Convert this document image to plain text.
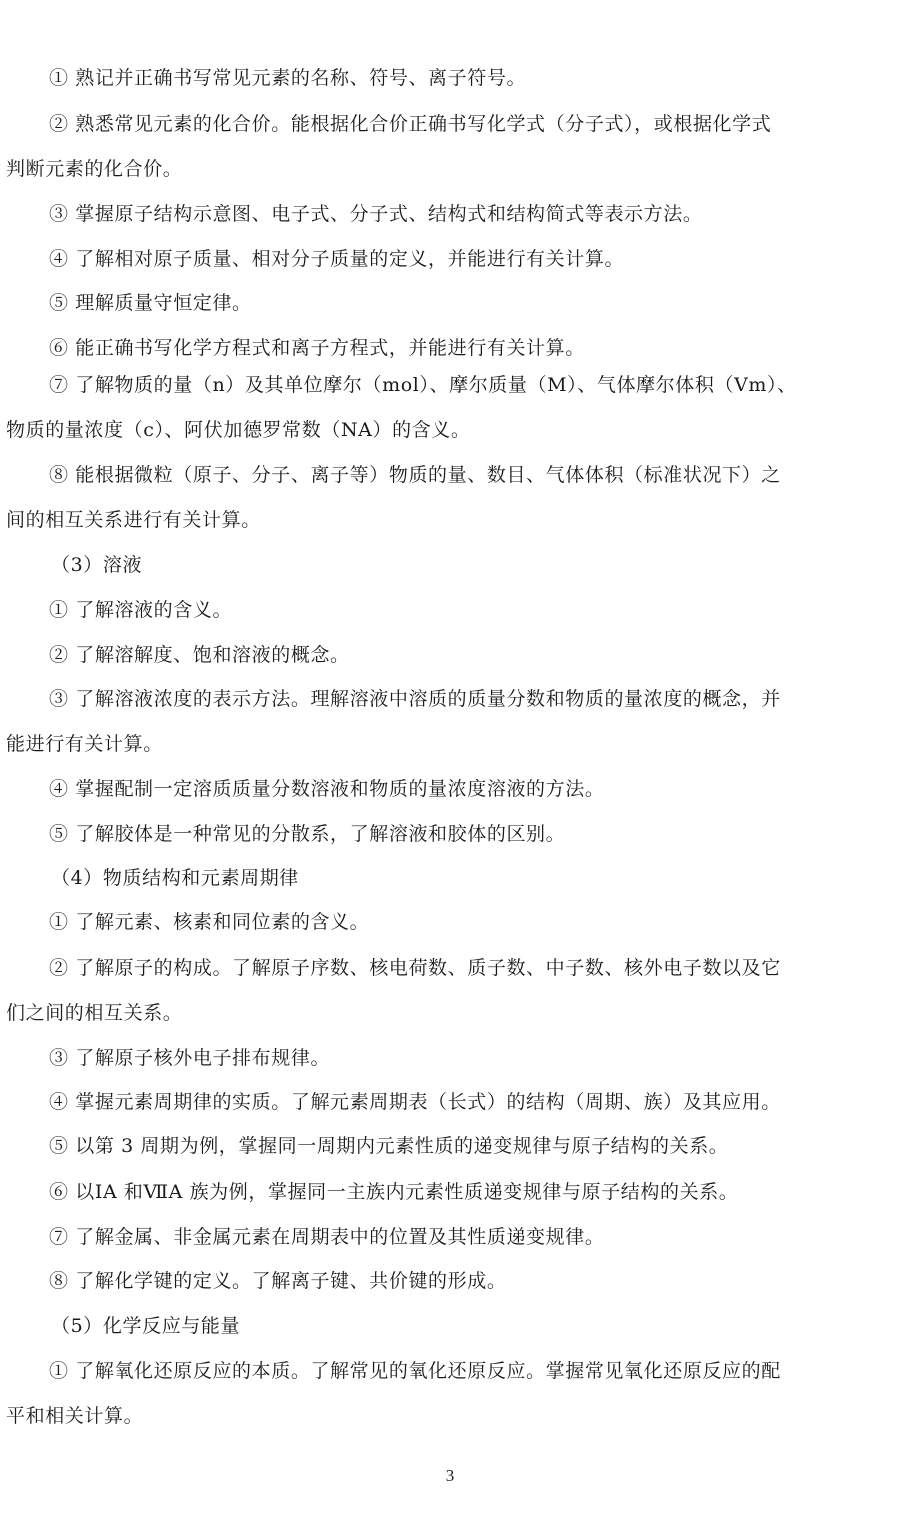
① 熟记并正确书写常见元素的名称、符号、离子符号。
② 熟悉常见元素的化合价。能根据化合价正确书写化学式（分子式），或根据化学式
判断元素的化合价。
③ 掌握原子结构示意图、电子式、分子式、结构式和结构简式等表示方法。
④ 了解相对原子质量、相对分子质量的定义，并能进行有关计算。
⑤ 理解质量守恒定律。
⑥ 能正确书写化学方程式和离子方程式，并能进行有关计算。
⑦ 了解物质的量（n）及其单位摩尔（mol）、摩尔质量（M）、气体摩尔体积（Vm）、
物质的量浓度（c）、阿伏加德罗常数（NA）的含义。
⑧ 能根据微粒（原子、分子、离子等）物质的量、数目、气体体积（标准状况下）之
间的相互关系进行有关计算。
（3）溶液
① 了解溶液的含义。
② 了解溶解度、饱和溶液的概念。
③ 了解溶液浓度的表示方法。理解溶液中溶质的质量分数和物质的量浓度的概念，并
能进行有关计算。
④ 掌握配制一定溶质质量分数溶液和物质的量浓度溶液的方法。
⑤ 了解胶体是一种常见的分散系，了解溶液和胶体的区别。
（4）物质结构和元素周期律
① 了解元素、核素和同位素的含义。
② 了解原子的构成。了解原子序数、核电荷数、质子数、中子数、核外电子数以及它
们之间的相互关系。
③ 了解原子核外电子排布规律。
④ 掌握元素周期律的实质。了解元素周期表（长式）的结构（周期、族）及其应用。
⑤ 以第 3 周期为例，掌握同一周期内元素性质的递变规律与原子结构的关系。
⑥ 以ⅠA 和ⅦA 族为例，掌握同一主族内元素性质递变规律与原子结构的关系。
⑦ 了解金属、非金属元素在周期表中的位置及其性质递变规律。
⑧ 了解化学键的定义。了解离子键、共价键的形成。
（5）化学反应与能量
① 了解氧化还原反应的本质。了解常见的氧化还原反应。掌握常见氧化还原反应的配
平和相关计算。
3
